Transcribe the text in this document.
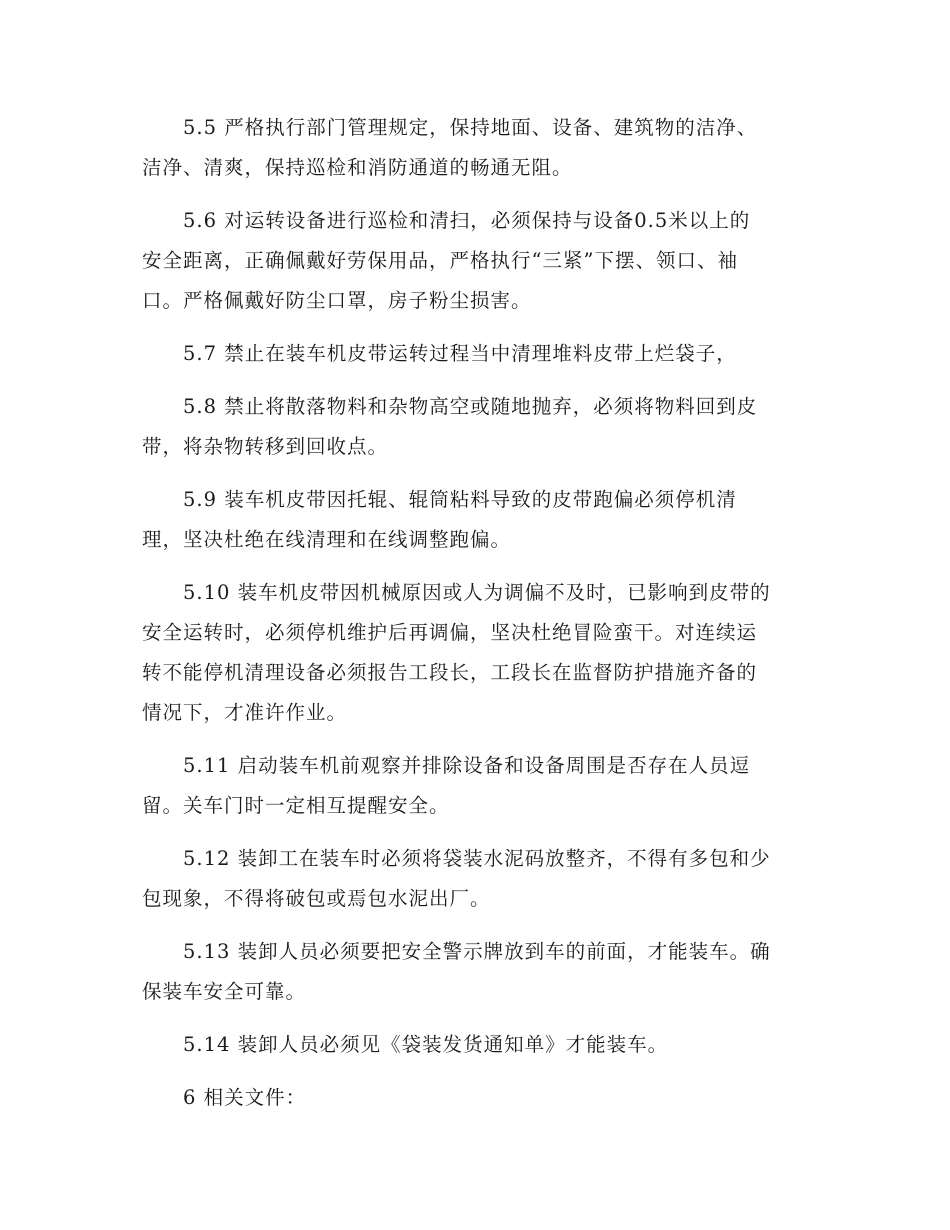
5.5 严格执行部门管理规定，保持地面、设备、建筑物的洁净、
洁净、清爽，保持巡检和消防通道的畅通无阻。

5.6 对运转设备进行巡检和清扫，必须保持与设备0.5米以上的
安全距离，正确佩戴好劳保用品，严格执行“三紧”下摆、领口、袖
口。严格佩戴好防尘口罩，房子粉尘损害。

5.7 禁止在装车机皮带运转过程当中清理堆料皮带上烂袋子，

5.8 禁止将散落物料和杂物高空或随地抛弃，必须将物料回到皮
带，将杂物转移到回收点。

5.9 装车机皮带因托辊、辊筒粘料导致的皮带跑偏必须停机清
理，坚决杜绝在线清理和在线调整跑偏。

5.10 装车机皮带因机械原因或人为调偏不及时，已影响到皮带的
安全运转时，必须停机维护后再调偏，坚决杜绝冒险蛮干。对连续运
转不能停机清理设备必须报告工段长，工段长在监督防护措施齐备的
情况下，才准许作业。

5.11 启动装车机前观察并排除设备和设备周围是否存在人员逗
留。关车门时一定相互提醒安全。

5.12 装卸工在装车时必须将袋装水泥码放整齐，不得有多包和少
包现象，不得将破包或焉包水泥出厂。

5.13 装卸人员必须要把安全警示牌放到车的前面，才能装车。确
保装车安全可靠。

5.14 装卸人员必须见《袋装发货通知单》才能装车。

6 相关文件：
